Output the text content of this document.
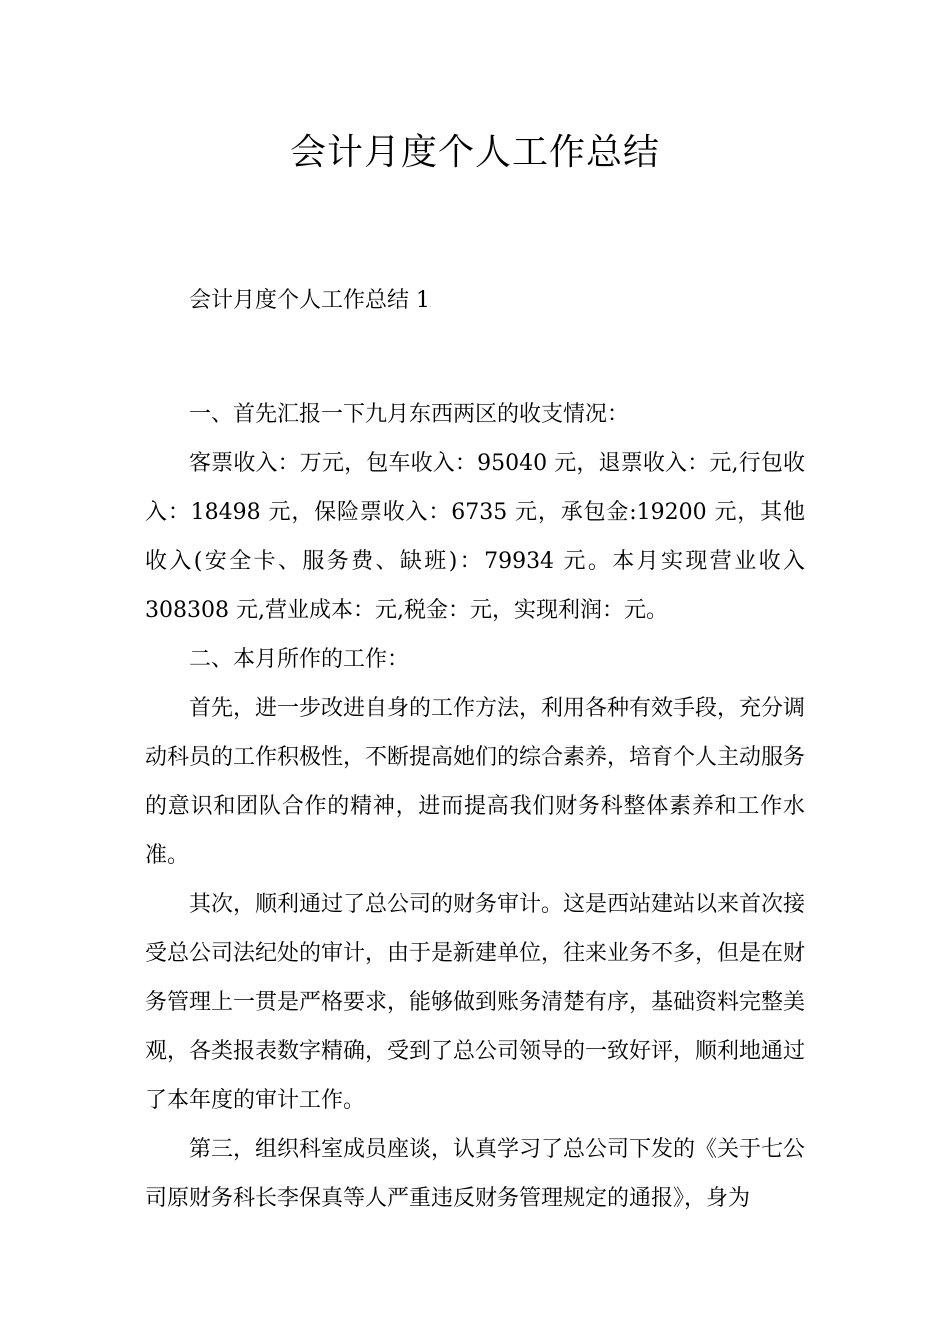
会计月度个人工作总结

会计月度个人工作总结 1

一、首先汇报一下九月东西两区的收支情况：

客票收入：万元，包车收入：95040 元，退票收入：元,行包收入：18498 元，保险票收入：6735 元，承包金:19200 元，其他收入(安全卡、服务费、缺班)：79934 元。本月实现营业收入 308308 元,营业成本：元,税金：元，实现利润：元。

二、本月所作的工作：

首先，进一步改进自身的工作方法，利用各种有效手段，充分调动科员的工作积极性，不断提高她们的综合素养，培育个人主动服务的意识和团队合作的精神，进而提高我们财务科整体素养和工作水准。

其次，顺利通过了总公司的财务审计。这是西站建站以来首次接受总公司法纪处的审计，由于是新建单位，往来业务不多，但是在财务管理上一贯是严格要求，能够做到账务清楚有序，基础资料完整美观，各类报表数字精确，受到了总公司领导的一致好评，顺利地通过了本年度的审计工作。

第三，组织科室成员座谈，认真学习了总公司下发的《关于七公司原财务科长李保真等人严重违反财务管理规定的通报》，身为
